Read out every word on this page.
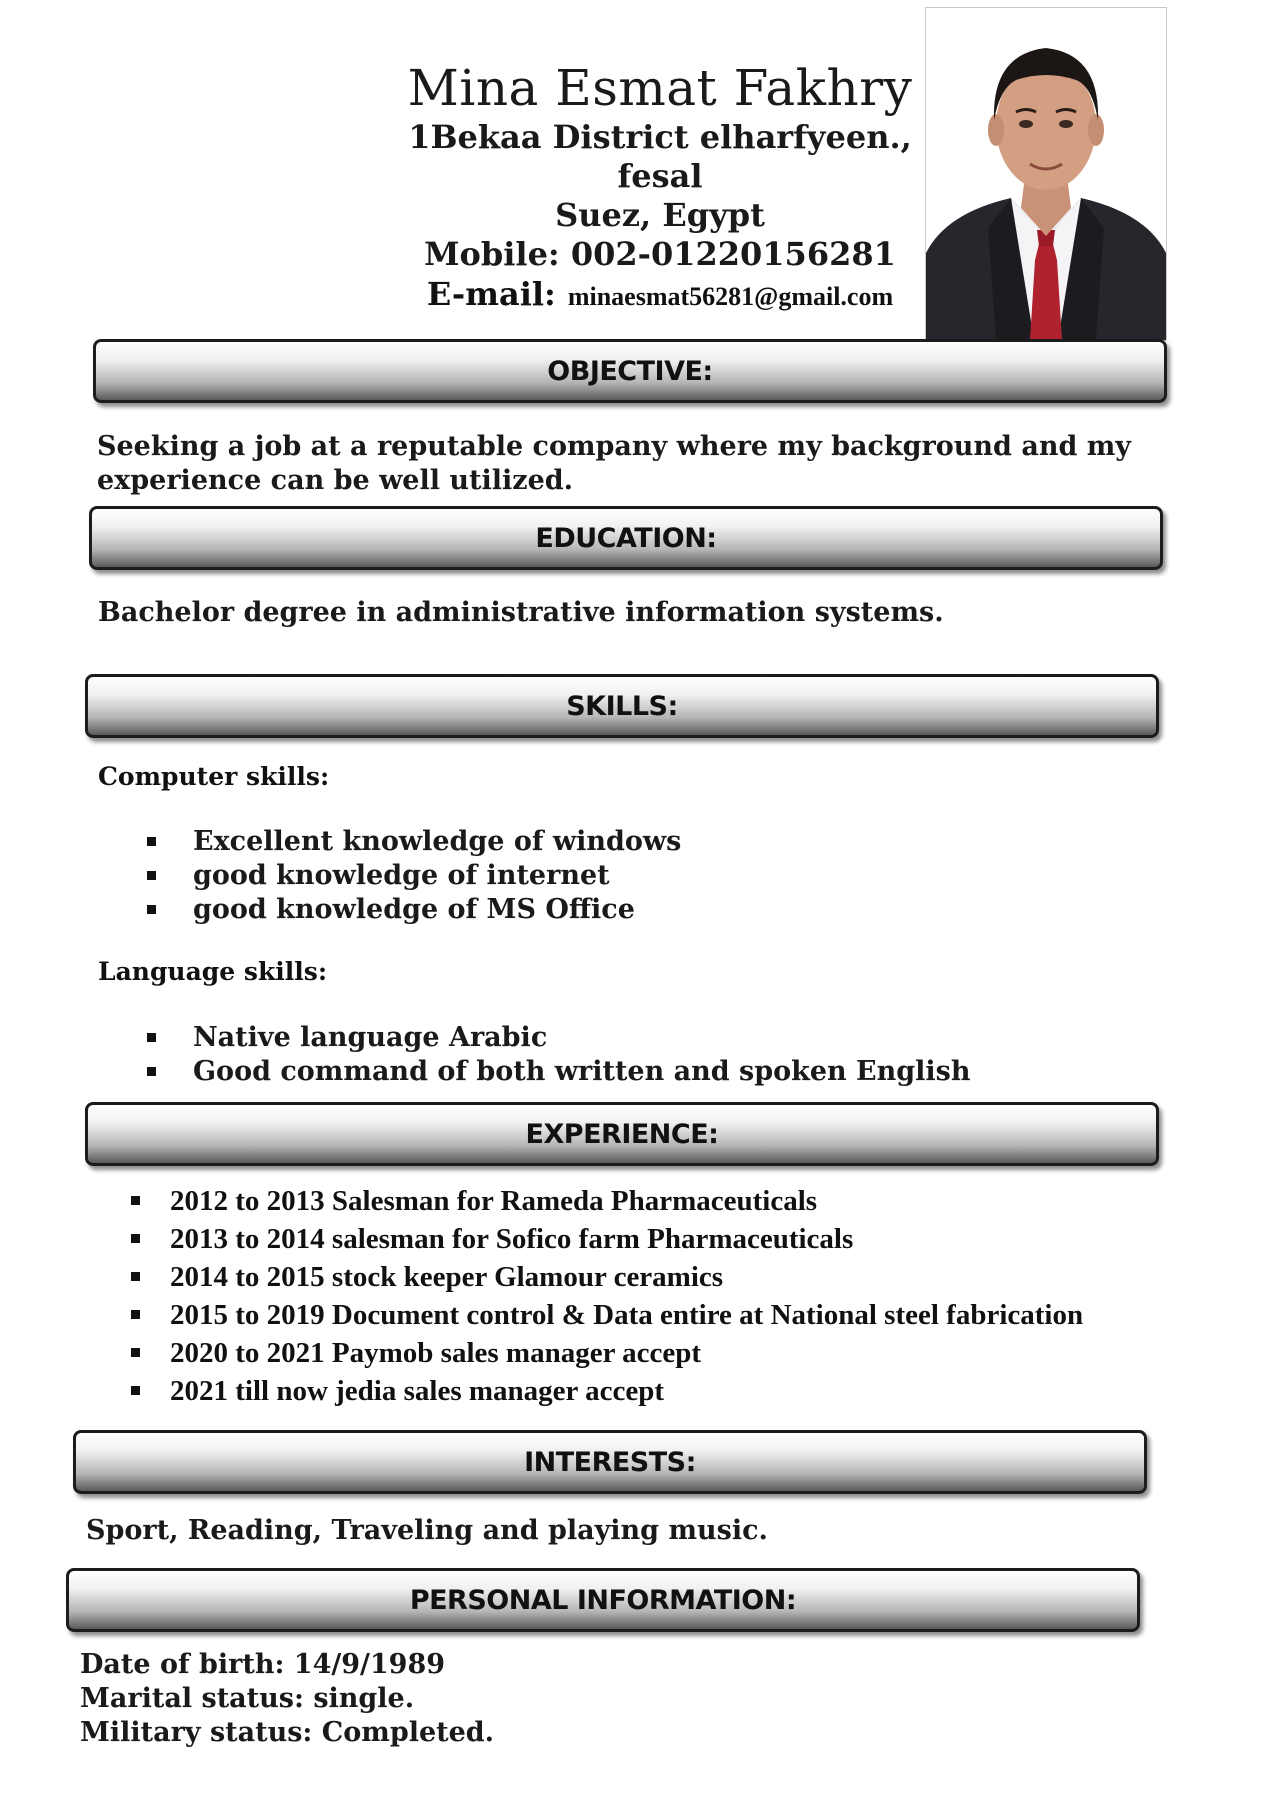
Mina Esmat Fakhry
1Bekaa District elharfyeen., fesal
Suez, Egypt
Mobile: 002-01220156281
E-mail: minaesmat56281@gmail.com
OBJECTIVE:
Seeking a job at a reputable company where my background and my experience can be well utilized.
EDUCATION:
Bachelor degree in administrative information systems.
SKILLS:
Computer skills:
Excellent knowledge of windows
good knowledge of internet
good knowledge of MS Office
Language skills:
Native language Arabic
Good command of both written and spoken English
EXPERIENCE:
2012 to 2013 Salesman for Rameda Pharmaceuticals
2013 to 2014 salesman for Sofico farm Pharmaceuticals
2014 to 2015 stock keeper Glamour ceramics
2015 to 2019 Document control & Data entire at National steel fabrication
2020 to 2021 Paymob sales manager accept
2021 till now jedia sales manager accept
INTERESTS:
Sport, Reading, Traveling and playing music.
PERSONAL INFORMATION:
Date of birth: 14/9/1989
Marital status: single.
Military status: Completed.
